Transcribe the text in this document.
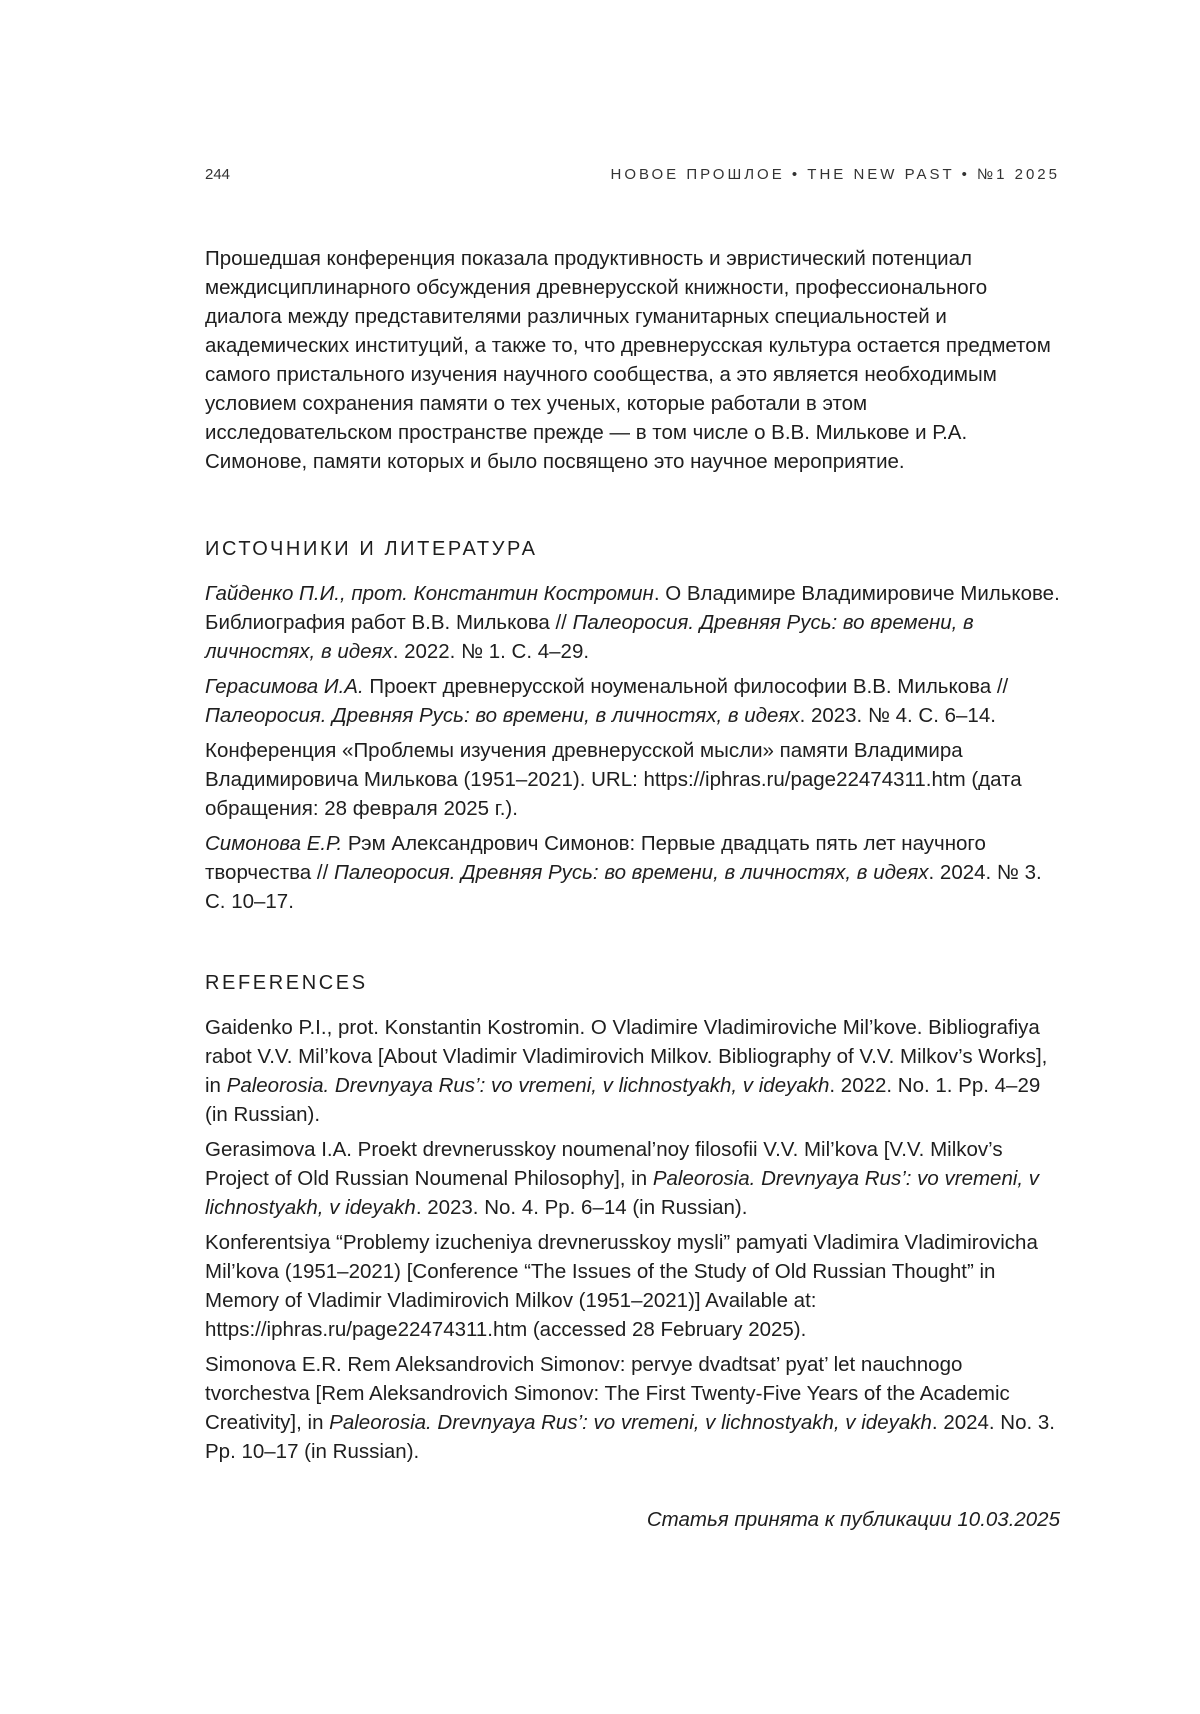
244	НОВОЕ ПРОШЛОЕ • THE NEW PAST • №1 2025

Прошедшая конференция показала продуктивность и эвристический потенциал междисциплинарного обсуждения древнерусской книжности, профессионального диалога между представителями различных гуманитарных специальностей и академических институций, а также то, что древнерусская культура остается предметом самого пристального изучения научного сообщества, а это является необходимым условием сохранения памяти о тех ученых, которые работали в этом исследовательском пространстве прежде — в том числе о В.В. Милькове и Р.А. Симонове, памяти которых и было посвящено это научное мероприятие.

ИСТОЧНИКИ И ЛИТЕРАТУРА

Гайденко П.И., прот. Константин Костромин. О Владимире Владимировиче Милькове. Библиография работ В.В. Милькова // Палеоросия. Древняя Русь: во времени, в личностях, в идеях. 2022. № 1. С. 4–29.

Герасимова И.А. Проект древнерусской ноуменальной философии В.В. Милькова // Палеоросия. Древняя Русь: во времени, в личностях, в идеях. 2023. № 4. С. 6–14.

Конференция «Проблемы изучения древнерусской мысли» памяти Владимира Владимировича Милькова (1951–2021). URL: https://iphras.ru/page22474311.htm (дата обращения: 28 февраля 2025 г.).

Симонова Е.Р. Рэм Александрович Симонов: Первые двадцать пять лет научного творчества // Палеоросия. Древняя Русь: во времени, в личностях, в идеях. 2024. № 3. С. 10–17.

REFERENCES

Gaidenko P.I., prot. Konstantin Kostromin. O Vladimire Vladimiroviche Mil’kove. Bibliografiya rabot V.V. Mil’kova [About Vladimir Vladimirovich Milkov. Bibliography of V.V. Milkov’s Works], in Paleorosia. Drevnyaya Rus’: vo vremeni, v lichnostyakh, v ideyakh. 2022. No. 1. Pp. 4–29 (in Russian).

Gerasimova I.A. Proekt drevnerusskoy noumenal’noy filosofii V.V. Mil’kova [V.V. Milkov’s Project of Old Russian Noumenal Philosophy], in Paleorosia. Drevnyaya Rus’: vo vremeni, v lichnostyakh, v ideyakh. 2023. No. 4. Pp. 6–14 (in Russian).

Konferentsiya “Problemy izucheniya drevnerusskoy mysli” pamyati Vladimira Vladimirovicha Mil’kova (1951–2021) [Conference “The Issues of the Study of Old Russian Thought” in Memory of Vladimir Vladimirovich Milkov (1951–2021)] Available at: https://iphras.ru/page22474311.htm (accessed 28 February 2025).

Simonova E.R. Rem Aleksandrovich Simonov: pervye dvadtsat’ pyat’ let nauchnogo tvorchestva [Rem Aleksandrovich Simonov: The First Twenty-Five Years of the Academic Creativity], in Paleorosia. Drevnyaya Rus’: vo vremeni, v lichnostyakh, v ideyakh. 2024. No. 3. Pp. 10–17 (in Russian).

Статья принята к публикации 10.03.2025
